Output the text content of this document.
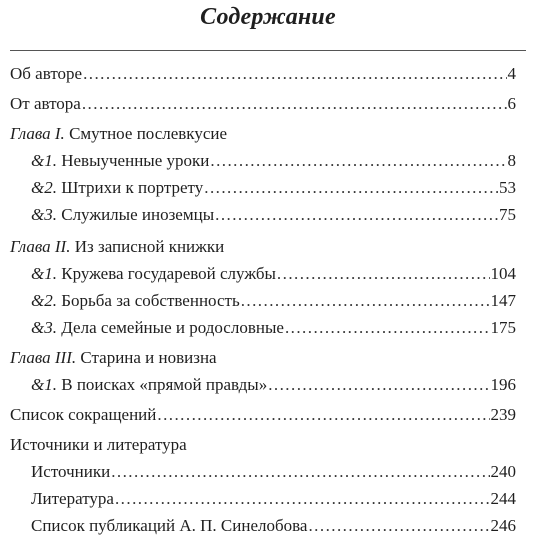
Содержание
Об авторе . . .	4
От автора . . .	6
Глава I. Смутное послевкусие
&1. Невыученные уроки . . .	8
&2. Штрихи к портрету . . .	53
&3. Служилые иноземцы . . .	75
Глава II. Из записной книжки
&1. Кружева государевой службы . . .	104
&2. Борьба за собственность . . .	147
&3. Дела семейные и родословные . . .	175
Глава III. Старина и новизна
&1. В поисках «прямой правды» . . .	196
Список сокращений . . .	239
Источники и литература
Источники . . .	240
Литература . . .	244
Список публикаций А. П. Синелобова . . .	246
